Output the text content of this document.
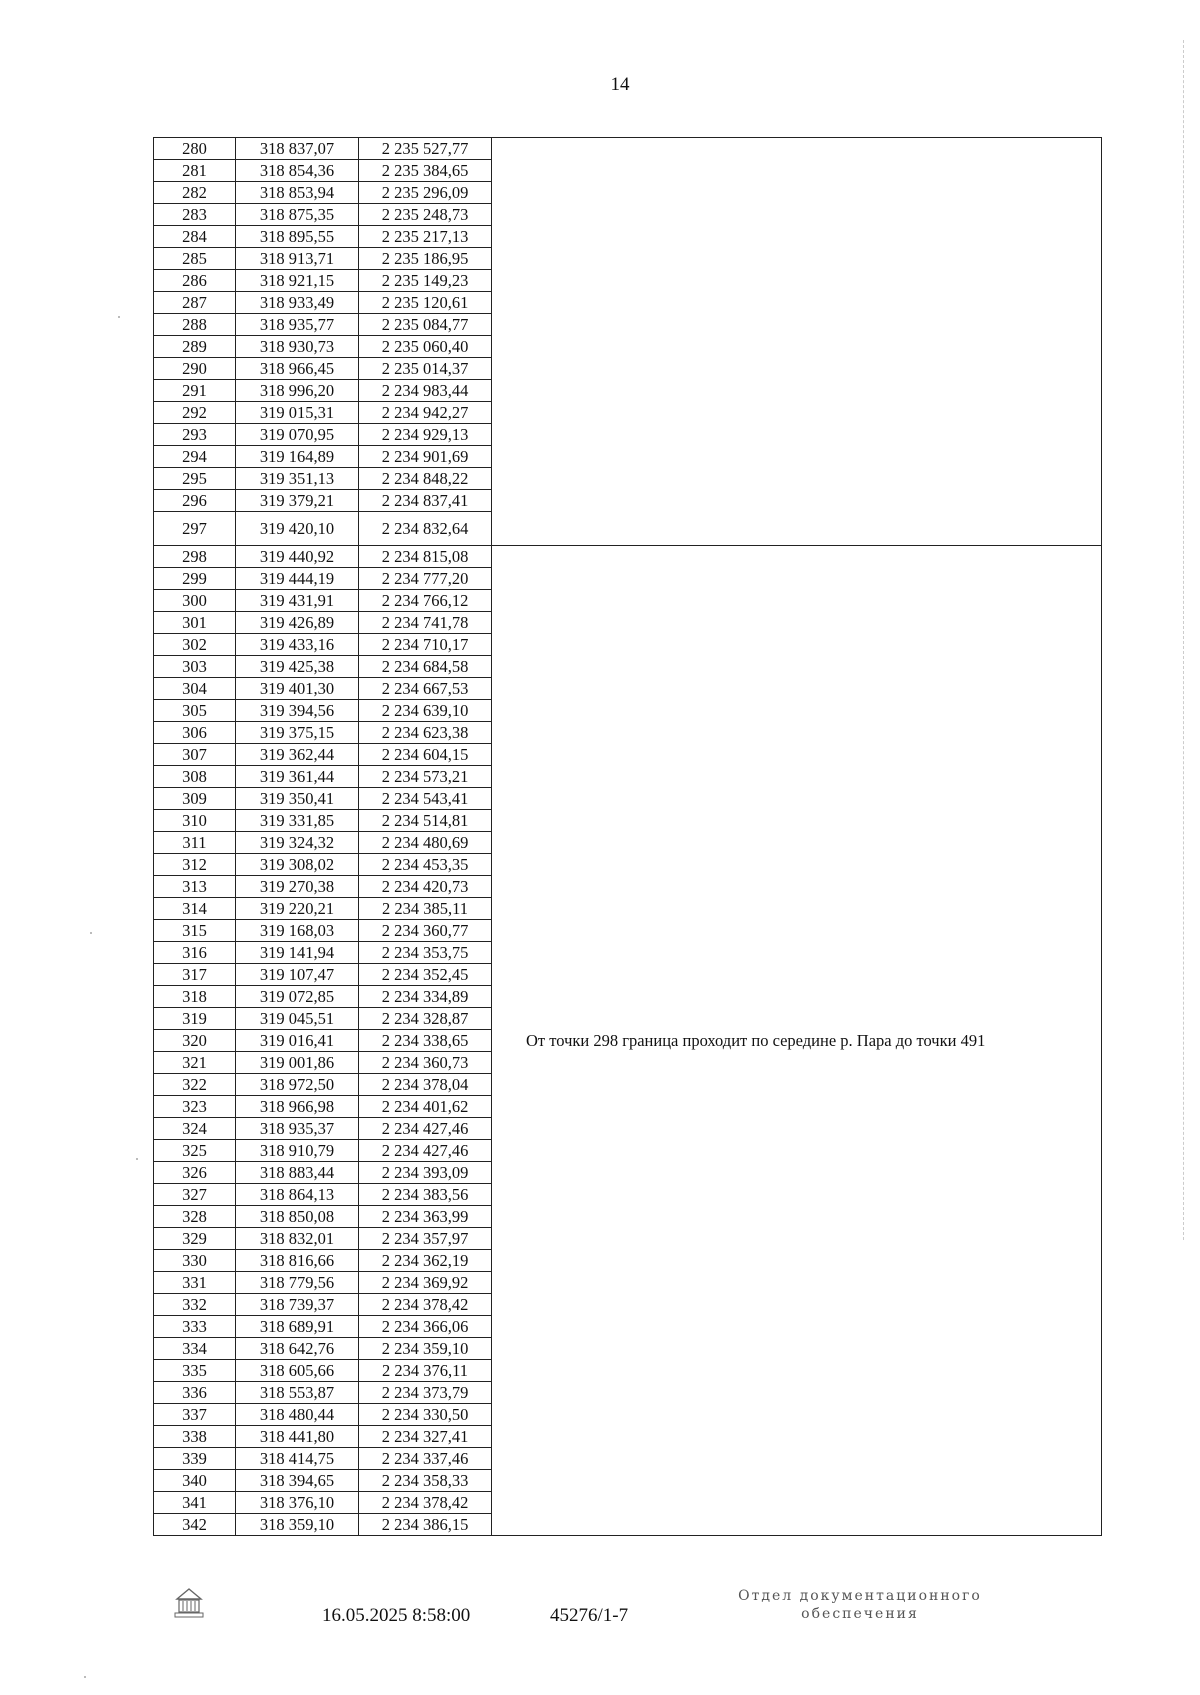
14
280	318 837,07	2 235 527,77	
281	318 854,36	2 235 384,65	
282	318 853,94	2 235 296,09	
283	318 875,35	2 235 248,73	
284	318 895,55	2 235 217,13	
285	318 913,71	2 235 186,95	
286	318 921,15	2 235 149,23	
287	318 933,49	2 235 120,61	
288	318 935,77	2 235 084,77	
289	318 930,73	2 235 060,40	
290	318 966,45	2 235 014,37	
291	318 996,20	2 234 983,44	
292	319 015,31	2 234 942,27	
293	319 070,95	2 234 929,13	
294	319 164,89	2 234 901,69	
295	319 351,13	2 234 848,22	
296	319 379,21	2 234 837,41	
297	319 420,10	2 234 832,64	
298	319 440,92	2 234 815,08	От точки 298 граница проходит по середине р. Пара до точки 491
299	319 444,19	2 234 777,20	
300	319 431,91	2 234 766,12	
301	319 426,89	2 234 741,78	
302	319 433,16	2 234 710,17	
303	319 425,38	2 234 684,58	
304	319 401,30	2 234 667,53	
305	319 394,56	2 234 639,10	
306	319 375,15	2 234 623,38	
307	319 362,44	2 234 604,15	
308	319 361,44	2 234 573,21	
309	319 350,41	2 234 543,41	
310	319 331,85	2 234 514,81	
311	319 324,32	2 234 480,69	
312	319 308,02	2 234 453,35	
313	319 270,38	2 234 420,73	
314	319 220,21	2 234 385,11	
315	319 168,03	2 234 360,77	
316	319 141,94	2 234 353,75	
317	319 107,47	2 234 352,45	
318	319 072,85	2 234 334,89	
319	319 045,51	2 234 328,87	
320	319 016,41	2 234 338,65	
321	319 001,86	2 234 360,73	
322	318 972,50	2 234 378,04	
323	318 966,98	2 234 401,62	
324	318 935,37	2 234 427,46	
325	318 910,79	2 234 427,46	
326	318 883,44	2 234 393,09	
327	318 864,13	2 234 383,56	
328	318 850,08	2 234 363,99	
329	318 832,01	2 234 357,97	
330	318 816,66	2 234 362,19	
331	318 779,56	2 234 369,92	
332	318 739,37	2 234 378,42	
333	318 689,91	2 234 366,06	
334	318 642,76	2 234 359,10	
335	318 605,66	2 234 376,11	
336	318 553,87	2 234 373,79	
337	318 480,44	2 234 330,50	
338	318 441,80	2 234 327,41	
339	318 414,75	2 234 337,46	
340	318 394,65	2 234 358,33	
341	318 376,10	2 234 378,42	
342	318 359,10	2 234 386,15	
16.05.2025 8:58:00	45276/1-7
Отдел документационного
обеспечения
